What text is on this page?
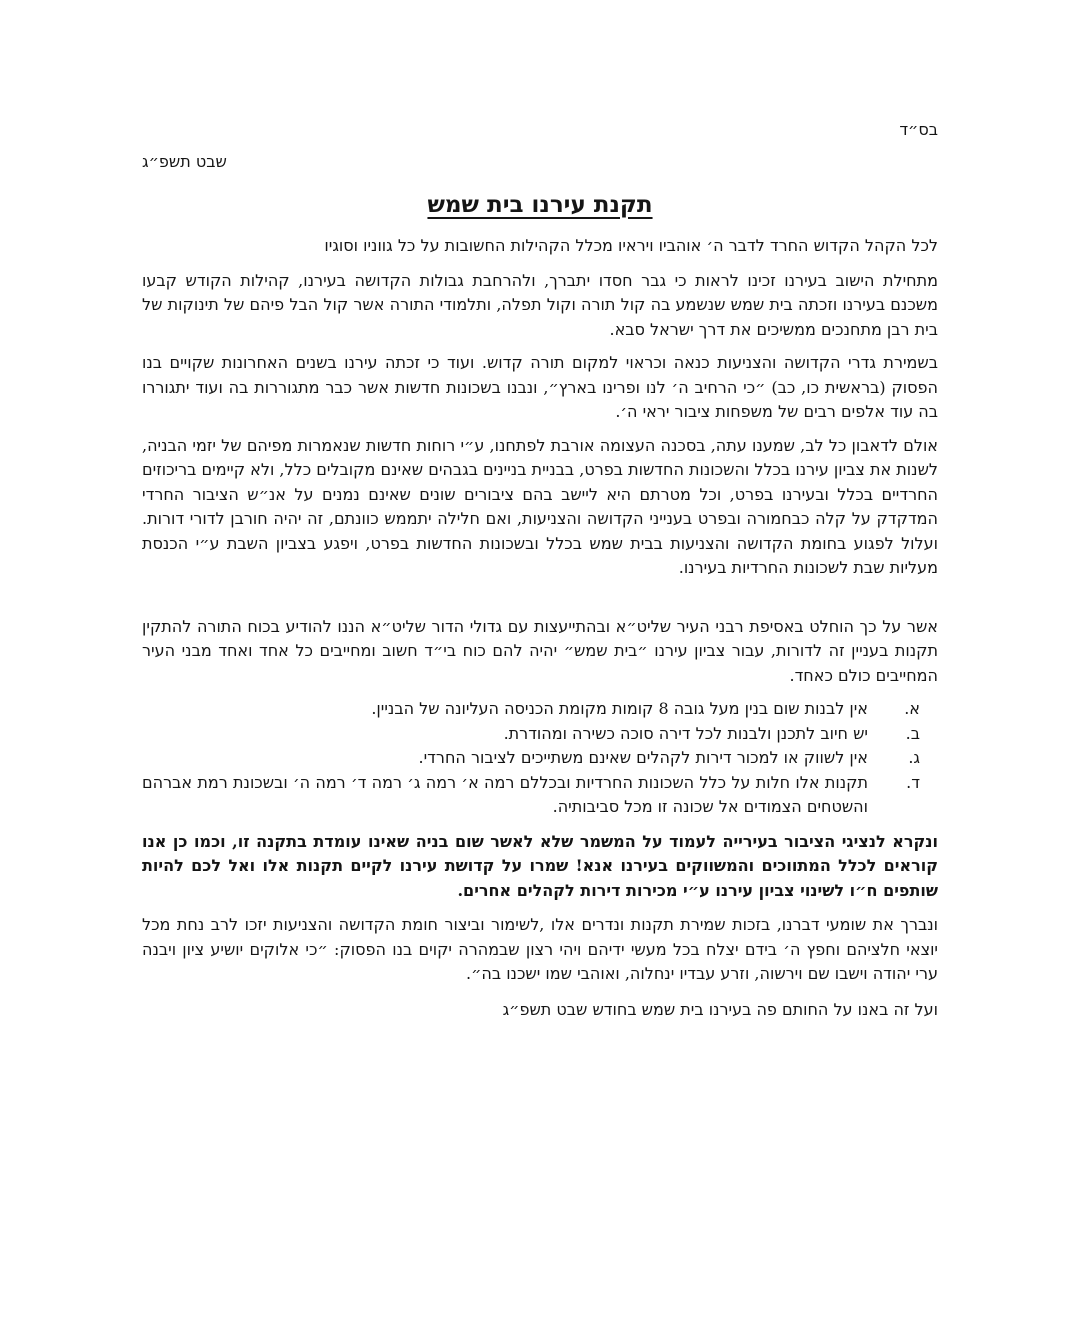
בס״ד
שבט תשפ״ג
תקנת עירנו בית שמש

לכל הקהל הקדוש החרד לדבר ה׳ אוהביו ויראיו מכלל הקהילות החשובות על כל גווניו וסוגיו

מתחילת הישוב בעירנו זכינו לראות כי גבר חסדו יתברך, ולהרחבת גבולות הקדושה בעירנו, קהילות הקודש קבעו משכנם בעירנו וזכתה בית שמש שנשמע בה קול תורה וקול תפלה, ותלמודי התורה אשר קול הבל פיהם של תינוקות של בית רבן מתחנכים ממשיכים את דרך ישראל סבא.

בשמירת גדרי הקדושה והצניעות כנאה וכראוי למקום תורה קדוש. ועוד כי זכתה עירנו בשנים האחרונות שקויים בנו הפסוק (בראשית כו, כב) ״כי הרחיב ה׳ לנו ופרינו בארץ״, ונבנו בשכונות חדשות אשר כבר מתגוררות בה ועוד יתגוררו בה עוד אלפים רבים של משפחות ציבור יראי ה׳.

אולם לדאבון כל לב, שמענו עתה, בסכנה העצומה אורבת לפתחנו, ע״י רוחות חדשות שנאמרות מפיהם של יזמי הבניה, לשנות את צביון עירנו בכלל והשכונות החדשות בפרט, בבניית בניינים בגבהים שאינם מקובלים כלל, ולא קיימים בריכוזים החרדיים בכלל ובעירנו בפרט, וכל מטרתם היא ליישב בהם ציבורים שונים שאינם נמנים על אנ״ש הציבור החרדי המדקדק על קלה כבחמורה ובפרט בענייני הקדושה והצניעות, ואם חלילה יתממש כוונתם, זה יהיה חורבן לדורי דורות. ועלול לפגוע בחומת הקדושה והצניעות בבית שמש בכלל ובשכונות החדשות בפרט, ויפגע בצביון השבת ע״י הכנסת מעליות שבת לשכונות החרדיות בעירנו.

אשר על כך הוחלט באסיפת רבני העיר שליט״א ובהתייעצות עם גדולי הדור שליט״א הננו להודיע בכוח התורה להתקין תקנות בעניין זה לדורות, עבור צביון עירנו ״בית שמש״ יהיה להם כוח בי״ד חשוב ומחייבים כל אחד ואחד מבני העיר המחייבים כולם כאחד.

א.
אין לבנות שום בנין מעל גובה 8 קומות מקומת הכניסה העליונה של הבניין.
ב.
יש חיוב לתכנן ולבנות לכל דירה סוכה כשירה ומהודרת.
ג.
אין לשווק או למכור דירות לקהלים שאינם משתייכים לציבור החרדי.
ד.
תקנות אלו חלות על כלל השכונות החרדיות ובכללם רמה א׳ רמה ג׳ רמה ד׳ רמה ה׳ ובשכונת רמת אברהם והשטחים הצמודים אל שכונה זו מכל סביבותיה.

ונקרא לנציגי הציבור בעירייה לעמוד על המשמר שלא לאשר שום בניה שאינו עומדת בתקנה זו, וכמו כן אנו קוראים לכלל המתווכים והמשווקים בעירנו אנא! שמרו על קדושת עירנו לקיים תקנות אלו ואל לכם להיות שותפים ח״ו לשינוי צביון עירנו ע״י מכירות דירות לקהלים אחרים.

ונברך את שומעי דברנו, בזכות שמירת תקנות ונדרים אלו ,לשימור וביצור חומת הקדושה והצניעות יזכו לרב נחת מכל יוצאי חלציהם וחפץ ה׳ בידם יצלח בכל מעשי ידיהם ויהי רצון שבמהרה יקוים בנו הפסוק: ״כי אלוקים יושיע ציון ויבנה ערי יהודה וישבו שם וירשוה, וזרע עבדיו ינחלוה, ואוהבי שמו ישכנו בה״.

ועל זה באנו על החותם פה בעירנו בית שמש בחודש שבט תשפ״ג
